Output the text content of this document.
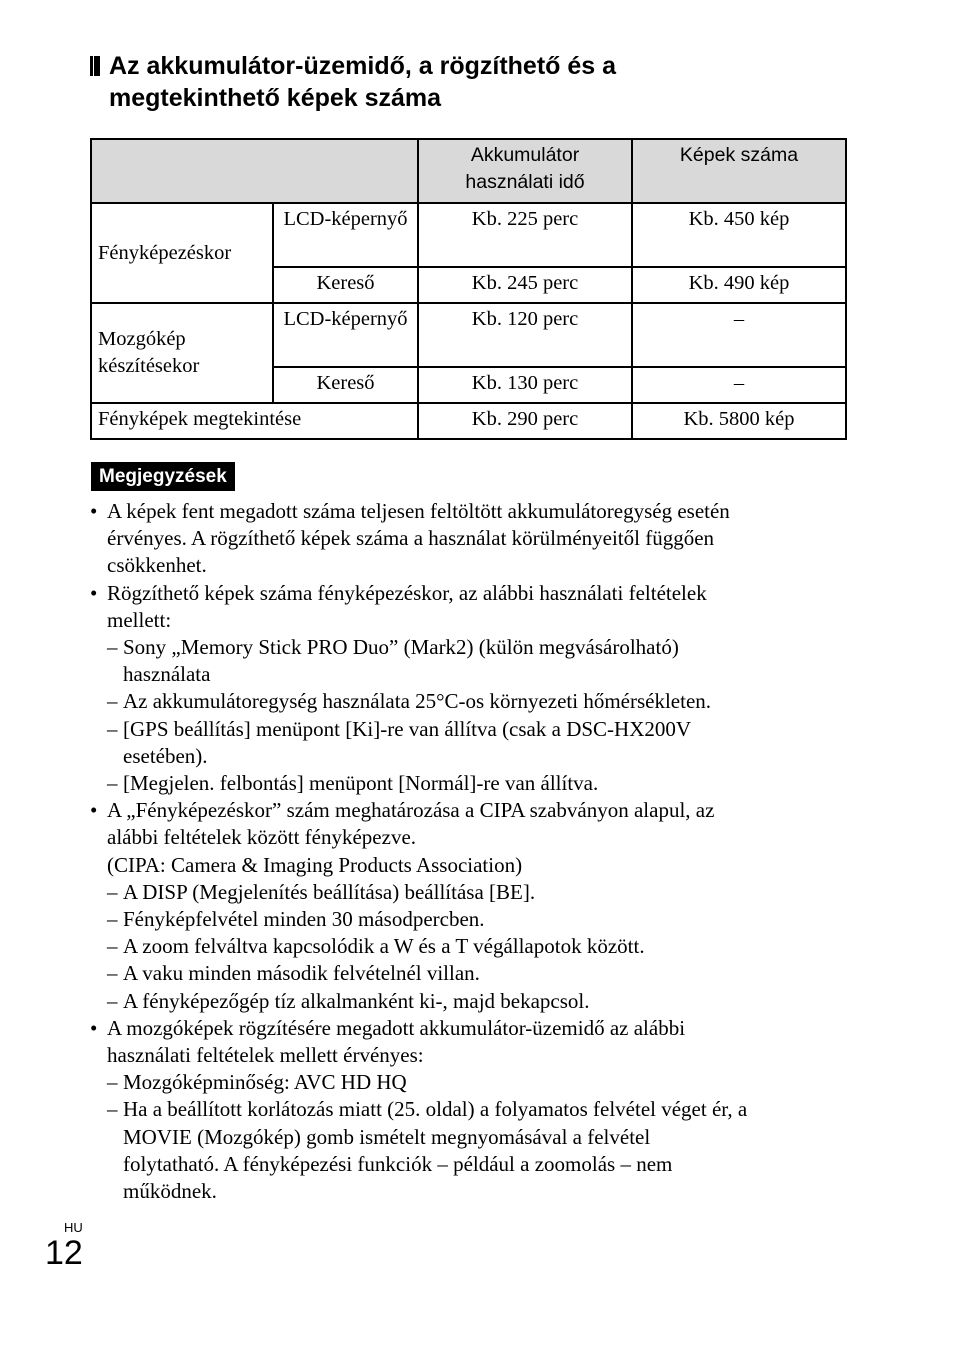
Az akkumulátor-üzemidő, a rögzíthető és a
megtekinthető képek száma
		Akkumulátor használati idő	Képek száma
Fényképezéskor	LCD-képernyő	Kb. 225 perc	Kb. 450 kép
	Kereső	Kb. 245 perc	Kb. 490 kép
Mozgókép készítésekor	LCD-képernyő	Kb. 120 perc	–
	Kereső	Kb. 130 perc	–
Fényképek megtekintése		Kb. 290 perc	Kb. 5800 kép
Megjegyzések
• A képek fent megadott száma teljesen feltöltött akkumulátoregység esetén
érvényes. A rögzíthető képek száma a használat körülményeitől függően
csökkenhet.
• Rögzíthető képek száma fényképezéskor, az alábbi használati feltételek
mellett:
– Sony „Memory Stick PRO Duo” (Mark2) (külön megvásárolható)
használata
– Az akkumulátoregység használata 25°C-os környezeti hőmérsékleten.
– [GPS beállítás] menüpont [Ki]-re van állítva (csak a DSC-HX200V
esetében).
– [Megjelen. felbontás] menüpont [Normál]-re van állítva.
• A „Fényképezéskor” szám meghatározása a CIPA szabványon alapul, az
alábbi feltételek között fényképezve.
(CIPA: Camera & Imaging Products Association)
– A DISP (Megjelenítés beállítása) beállítása [BE].
– Fényképfelvétel minden 30 másodpercben.
– A zoom felváltva kapcsolódik a W és a T végállapotok között.
– A vaku minden második felvételnél villan.
– A fényképezőgép tíz alkalmanként ki-, majd bekapcsol.
• A mozgóképek rögzítésére megadott akkumulátor-üzemidő az alábbi
használati feltételek mellett érvényes:
– Mozgóképminőség: AVC HD HQ
– Ha a beállított korlátozás miatt (25. oldal) a folyamatos felvétel véget ér, a
MOVIE (Mozgókép) gomb ismételt megnyomásával a felvétel
folytatható. A fényképezési funkciók – például a zoomolás – nem
működnek.
HU
12
